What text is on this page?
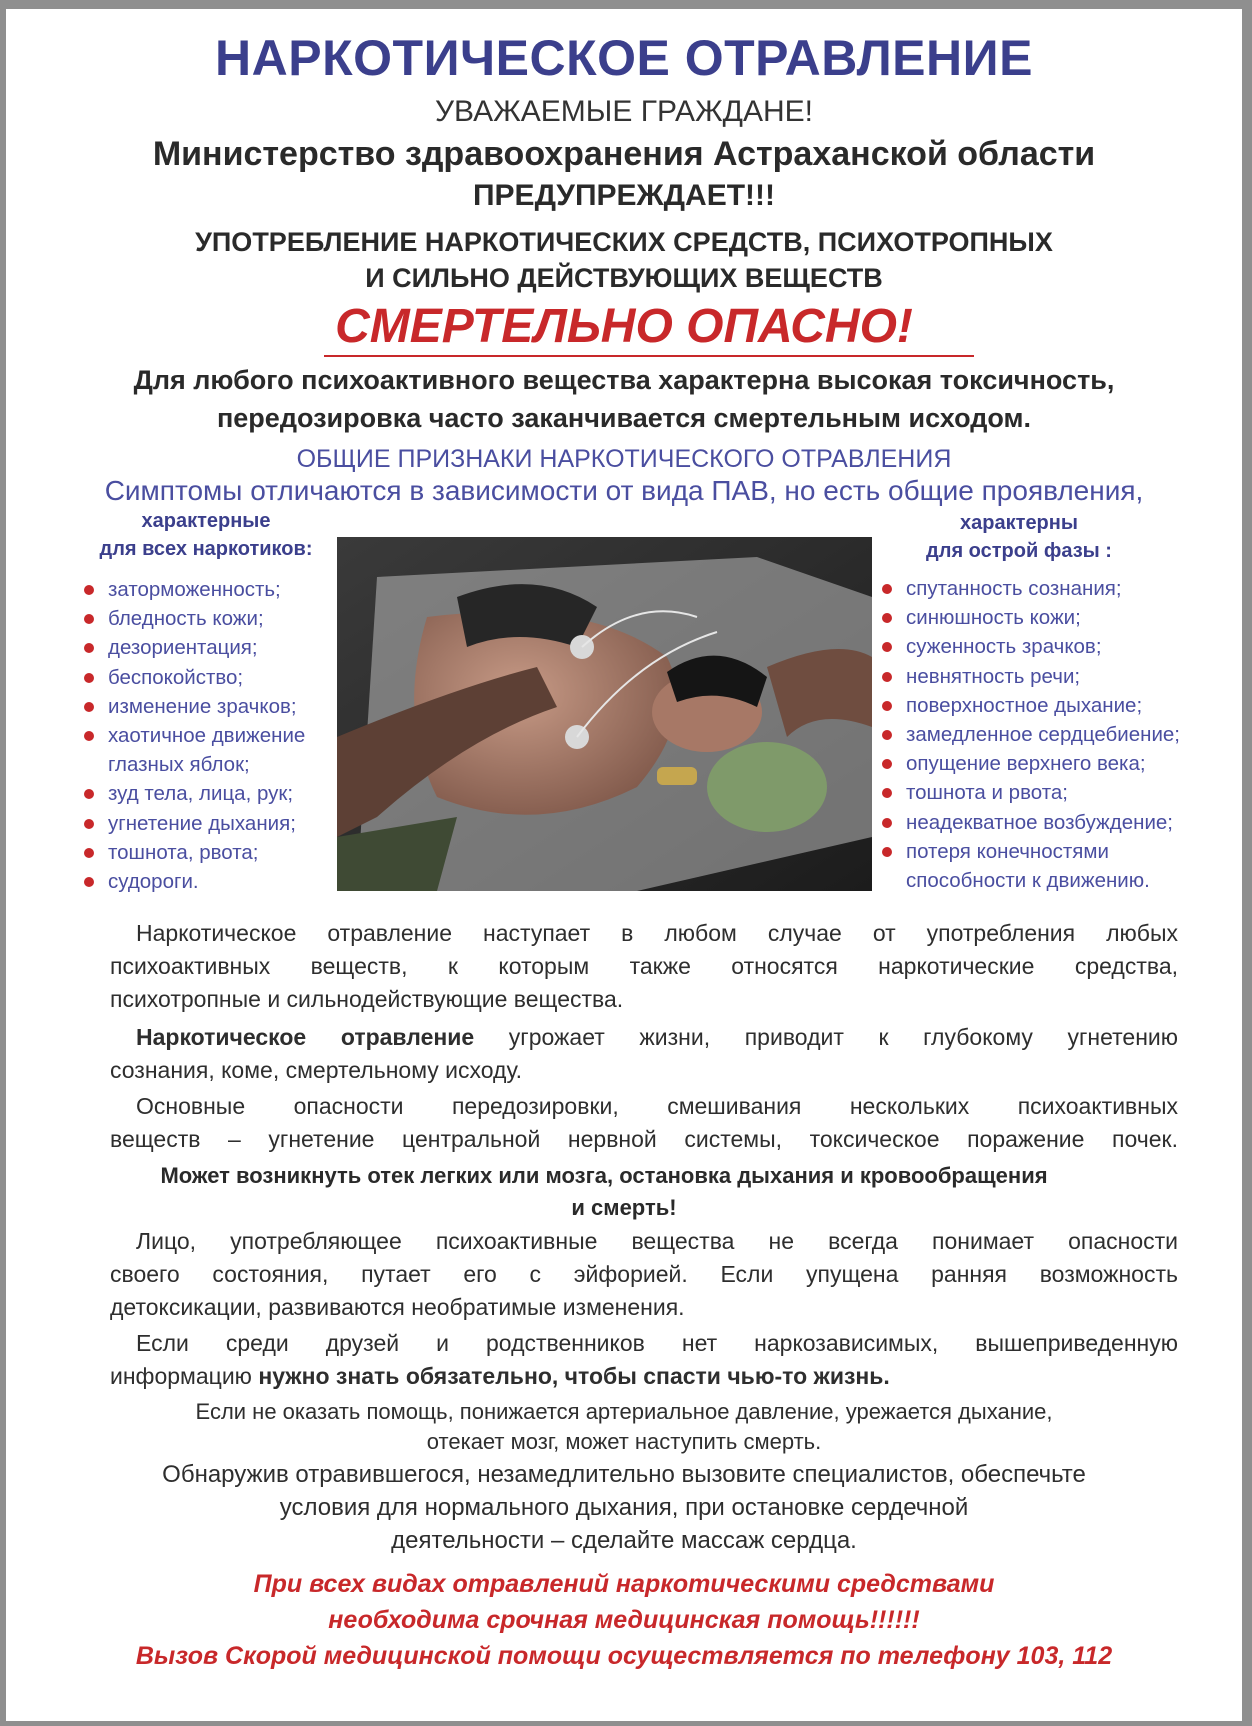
НАРКОТИЧЕСКОЕ ОТРАВЛЕНИЕ
УВАЖАЕМЫЕ ГРАЖДАНЕ!
Министерство здравоохранения Астраханской области
ПРЕДУПРЕЖДАЕТ!!!
УПОТРЕБЛЕНИЕ НАРКОТИЧЕСКИХ СРЕДСТВ, ПСИХОТРОПНЫХ
И СИЛЬНО ДЕЙСТВУЮЩИХ ВЕЩЕСТВ
СМЕРТЕЛЬНО ОПАСНО!
Для любого психоактивного вещества характерна высокая токсичность,
передозировка часто заканчивается смертельным исходом.
ОБЩИЕ ПРИЗНАКИ НАРКОТИЧЕСКОГО ОТРАВЛЕНИЯ
Симптомы отличаются в зависимости от вида ПАВ, но есть общие проявления,
характерные
для всех наркотиков:
заторможенность;
бледность кожи;
дезориентация;
беспокойство;
изменение зрачков;
хаотичное движение
глазных яблок;
зуд тела, лица, рук;
угнетение дыхания;
тошнота, рвота;
судороги.
характерны
для острой фазы :
спутанность сознания;
синюшность кожи;
суженность зрачков;
невнятность речи;
поверхностное дыхание;
замедленное сердцебиение;
опущение верхнего века;
тошнота и рвота;
неадекватное возбуждение;
потеря конечностями
способности к движению.
Наркотическое отравление наступает в любом случае от употребления любых
психоактивных веществ, к которым также относятся наркотические средства,
психотропные и сильнодействующие вещества.
Наркотическое отравление угрожает жизни, приводит к глубокому угнетению
сознания, коме, смертельному исходу.
Основные опасности передозировки, смешивания нескольких психоактивных
веществ – угнетение центральной нервной системы, токсическое поражение почек.
Может возникнуть отек легких или мозга, остановка дыхания и кровообращения
и смерть!
Лицо, употребляющее психоактивные вещества не всегда понимает опасности
своего состояния, путает его с эйфорией. Если упущена ранняя возможность
детоксикации, развиваются необратимые изменения.
Если среди друзей и родственников нет наркозависимых, вышеприведенную
информацию нужно знать обязательно, чтобы спасти чью-то жизнь.
Если не оказать помощь, понижается артериальное давление, урежается дыхание,
отекает мозг, может наступить смерть.
Обнаружив отравившегося, незамедлительно вызовите специалистов, обеспечьте
условия для нормального дыхания, при остановке сердечной
деятельности – сделайте массаж сердца.
При всех видах отравлений наркотическими средствами
необходима срочная медицинская помощь!!!!!!
Вызов Скорой медицинской помощи осуществляется по телефону 103, 112
